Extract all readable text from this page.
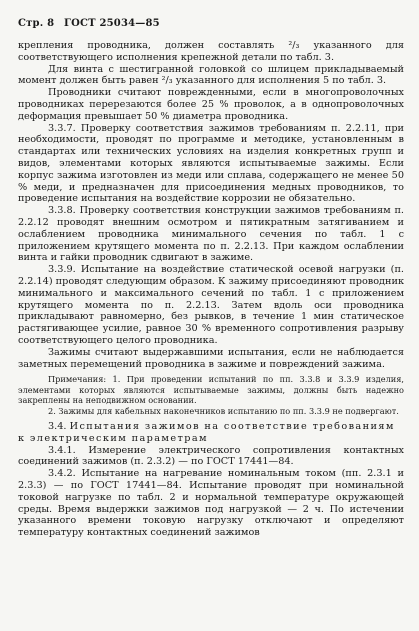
Стр. 8 ГОСТ 25034—85

крепления проводника, должен составлять ²/₃ указанного для соответствующего исполнения крепежной детали по табл. 3.

Для винта с шестигранной головкой со шлицем прикладываемый момент должен быть равен ²/₃ указанного для исполнения 5 по табл. 3.

Проводники считают поврежденными, если в многопроволочных проводниках перерезаются более 25 % проволок, а в однопроволочных деформация превышает 50 % диаметра проводника.

3.3.7. Проверку соответствия зажимов требованиям п. 2.2.11, при необходимости, проводят по программе и методике, установленным в стандартах или технических условиях на изделия конкретных групп и видов, элементами которых являются испытываемые зажимы. Если корпус зажима изготовлен из меди или сплава, содержащего не менее 50 % меди, и предназначен для присоединения медных проводников, то проведение испытания на воздействие коррозии не обязательно.

3.3.8. Проверку соответствия конструкции зажимов требованиям п. 2.2.12 проводят внешним осмотром и пятикратным затягиванием и ослаблением проводника минимального сечения по табл. 1 с приложением крутящего момента по п. 2.2.13. При каждом ослаблении винта и гайки проводник сдвигают в зажиме.

3.3.9. Испытание на воздействие статической осевой нагрузки (п. 2.2.14) проводят следующим образом. К зажиму присоединяют проводник минимального и максимального сечений по табл. 1 с приложением крутящего момента по п. 2.2.13. Затем вдоль оси проводника прикладывают равномерно, без рывков, в течение 1 мин статическое растягивающее усилие, равное 30 % временного сопротивления разрыву соответствующего целого проводника.

Зажимы считают выдержавшими испытания, если не наблюдается заметных перемещений проводника в зажиме и повреждений зажима.

Примечания: 1. При проведении испытаний по пп. 3.3.8 и 3.3.9 изделия, элементами которых являются испытываемые зажимы, должны быть надежно закреплены на неподвижном основании.

2. Зажимы для кабельных наконечников испытанию по пп. 3.3.9 не подвергают.

3.4. Испытания зажимов на соответствие требованиям к электрическим параметрам

3.4.1. Измерение электрического сопротивления контактных соединений зажимов (п. 2.3.2) — по ГОСТ 17441—84.

3.4.2. Испытание на нагревание номинальным током (пп. 2.3.1 и 2.3.3) — по ГОСТ 17441—84. Испытание проводят при номинальной токовой нагрузке по табл. 2 и нормальной температуре окружающей среды. Время выдержки зажимов под нагрузкой — 2 ч. По истечении указанного времени токовую нагрузку отключают и определяют температуру контактных соединений зажимов
